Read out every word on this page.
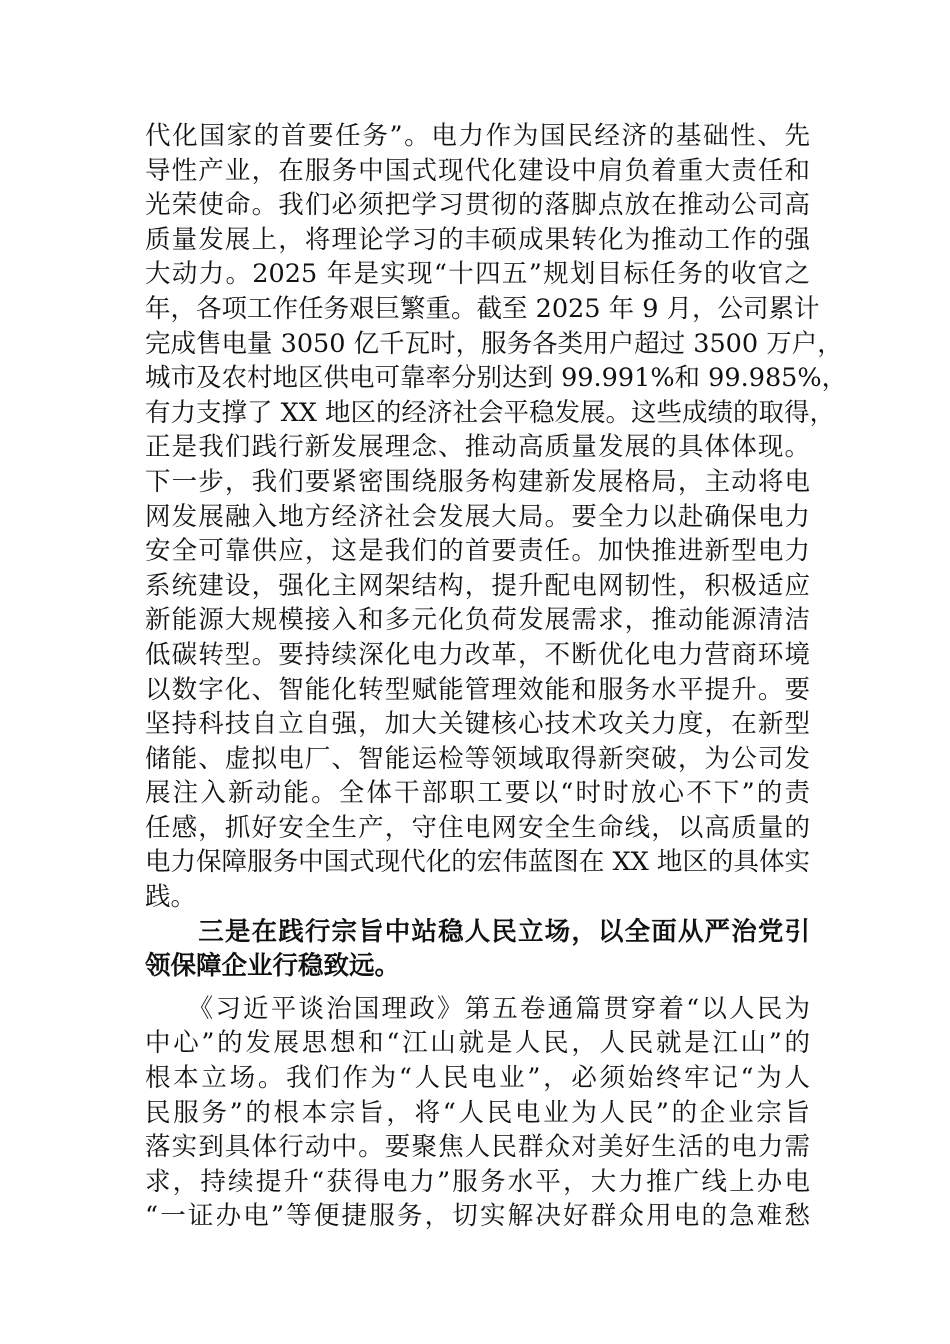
代化国家的首要任务”。电力作为国民经济的基础性、先
导性产业，在服务中国式现代化建设中肩负着重大责任和
光荣使命。我们必须把学习贯彻的落脚点放在推动公司高
质量发展上，将理论学习的丰硕成果转化为推动工作的强
大动力。2025 年是实现“十四五”规划目标任务的收官之
年，各项工作任务艰巨繁重。截至 2025 年 9 月，公司累计
完成售电量 3050 亿千瓦时，服务各类用户超过 3500 万户，
城市及农村地区供电可靠率分别达到 99.991%和 99.985%，
有力支撑了 XX 地区的经济社会平稳发展。这些成绩的取得，
正是我们践行新发展理念、推动高质量发展的具体体现。
下一步，我们要紧密围绕服务构建新发展格局，主动将电
网发展融入地方经济社会发展大局。要全力以赴确保电力
安全可靠供应，这是我们的首要责任。加快推进新型电力
系统建设，强化主网架结构，提升配电网韧性，积极适应
新能源大规模接入和多元化负荷发展需求，推动能源清洁
低碳转型。要持续深化电力改革，不断优化电力营商环境
以数字化、智能化转型赋能管理效能和服务水平提升。要
坚持科技自立自强，加大关键核心技术攻关力度，在新型
储能、虚拟电厂、智能运检等领域取得新突破，为公司发
展注入新动能。全体干部职工要以“时时放心不下”的责
任感，抓好安全生产，守住电网安全生命线，以高质量的
电力保障服务中国式现代化的宏伟蓝图在 XX 地区的具体实
践。
　　三是在践行宗旨中站稳人民立场，以全面从严治党引
领保障企业行稳致远。
　　《习近平谈治国理政》第五卷通篇贯穿着“以人民为
中心”的发展思想和“江山就是人民，人民就是江山”的
根本立场。我们作为“人民电业”，必须始终牢记“为人
民服务”的根本宗旨，将“人民电业为人民”的企业宗旨
落实到具体行动中。要聚焦人民群众对美好生活的电力需
求，持续提升“获得电力”服务水平，大力推广线上办电
“一证办电”等便捷服务，切实解决好群众用电的急难愁
